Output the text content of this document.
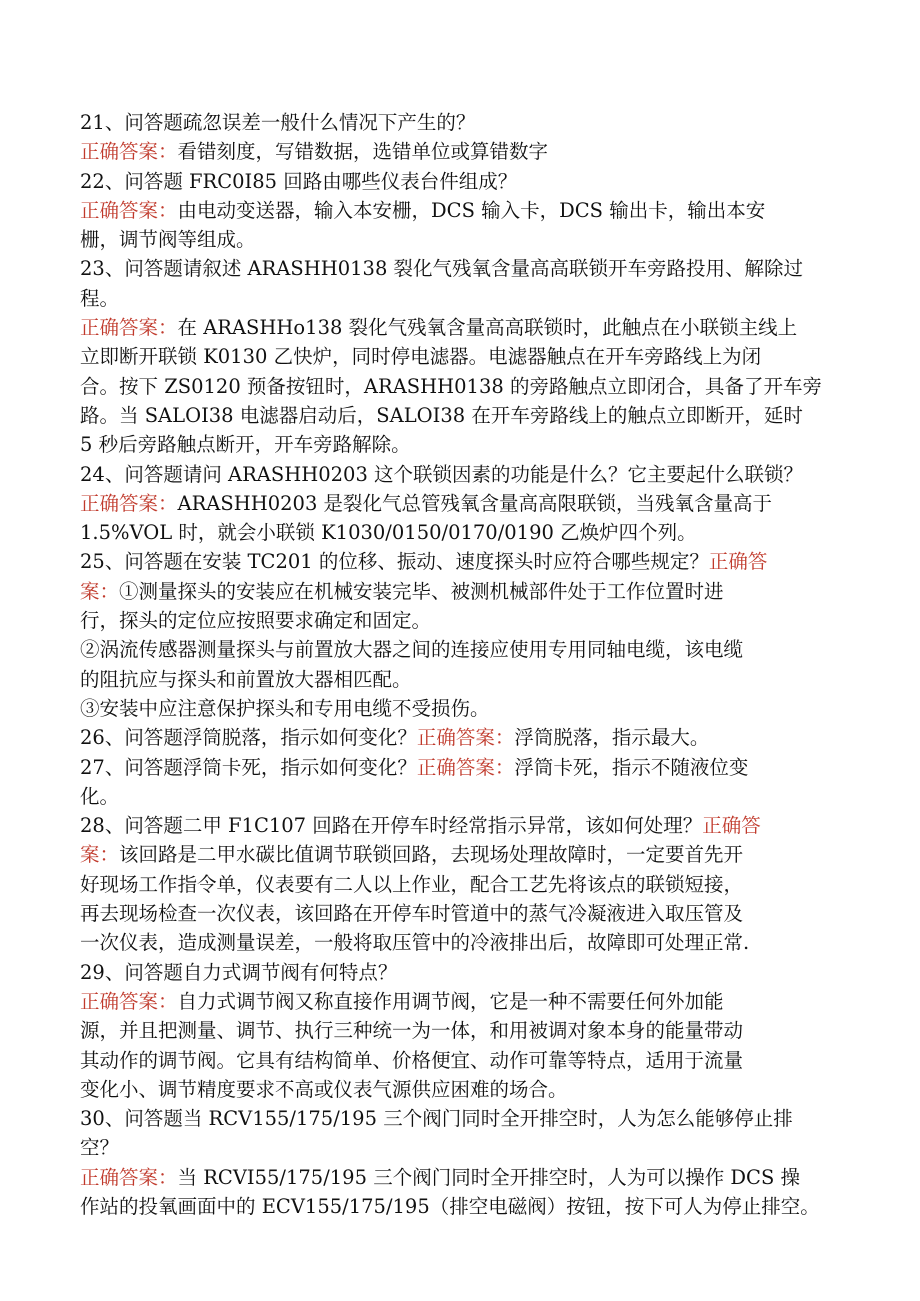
21、问答题疏忽误差一般什么情况下产生的？
正确答案：看错刻度，写错数据，选错单位或算错数字
22、问答题 FRC0I85 回路由哪些仪表台件组成？
正确答案：由电动变送器，输入本安栅，DCS 输入卡，DCS 输出卡，输出本安
栅，调节阀等组成。
23、问答题请叙述 ARASHH0138 裂化气残氧含量高高联锁开车旁路投用、解除过
程。
正确答案：在 ARASHHo138 裂化气残氧含量高高联锁时，此触点在小联锁主线上
立即断开联锁 K0130 乙快炉，同时停电滤器。电滤器触点在开车旁路线上为闭
合。按下 ZS0120 预备按钮时，ARASHH0138 的旁路触点立即闭合，具备了开车旁
路。当 SALOI38 电滤器启动后，SALOI38 在开车旁路线上的触点立即断开，延时
5 秒后旁路触点断开，开车旁路解除。
24、问答题请问 ARASHH0203 这个联锁因素的功能是什么？它主要起什么联锁？
正确答案：ARASHH0203 是裂化气总管残氧含量高高限联锁，当残氧含量高于
1.5%VOL 时，就会小联锁 K1030/0150/0170/0190 乙焕炉四个列。
25、问答题在安装 TC201 的位移、振动、速度探头时应符合哪些规定？正确答
案：①测量探头的安装应在机械安装完毕、被测机械部件处于工作位置时进
行，探头的定位应按照要求确定和固定。
②涡流传感器测量探头与前置放大器之间的连接应使用专用同轴电缆，该电缆
的阻抗应与探头和前置放大器相匹配。
③安装中应注意保护探头和专用电缆不受损伤。
26、问答题浮筒脱落，指示如何变化？正确答案：浮筒脱落，指示最大。
27、问答题浮筒卡死，指示如何变化？正确答案：浮筒卡死，指示不随液位变
化。
28、问答题二甲 F1C107 回路在开停车时经常指示异常，该如何处理？正确答
案：该回路是二甲水碳比值调节联锁回路，去现场处理故障时，一定要首先开
好现场工作指令单，仪表要有二人以上作业，配合工艺先将该点的联锁短接，
再去现场检查一次仪表，该回路在开停车时管道中的蒸气冷凝液进入取压管及
一次仪表，造成测量误差，一般将取压管中的冷液排出后，故障即可处理正常.
29、问答题自力式调节阀有何特点？
正确答案：自力式调节阀又称直接作用调节阀，它是一种不需要任何外加能
源，并且把测量、调节、执行三种统一为一体，和用被调对象本身的能量带动
其动作的调节阀。它具有结构简单、价格便宜、动作可靠等特点，适用于流量
变化小、调节精度要求不高或仪表气源供应困难的场合。
30、问答题当 RCV155/175/195 三个阀门同时全开排空时，人为怎么能够停止排
空？
正确答案：当 RCVI55/175/195 三个阀门同时全开排空时，人为可以操作 DCS 操
作站的投氧画面中的 ECV155/175/195（排空电磁阀）按钮，按下可人为停止排空。
